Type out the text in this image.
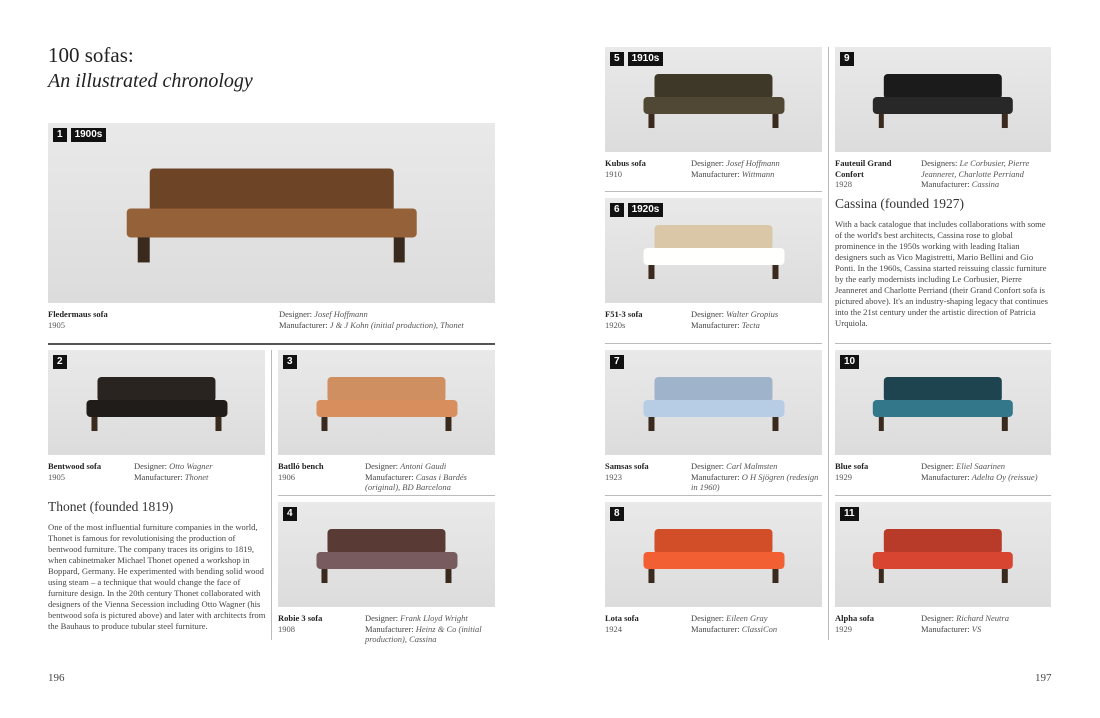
100 sofas:
An illustrated chronology
1	1900s
Fledermaus sofa
1905
Designer: Josef Hoffmann
Manufacturer: J & J Kohn (initial production), Thonet
2
Bentwood sofa
1905
Designer: Otto Wagner
Manufacturer: Thonet
3
Batlló bench
1906
Designer: Antoni Gaudi
Manufacturer: Casas i Bardés (original), BD Barcelona
4
Robie 3 sofa
1908
Designer: Frank Lloyd Wright
Manufacturer: Heinz & Co (initial production), Cassina
5	1910s
Kubus sofa
1910
Designer: Josef Hoffmann
Manufacturer: Wittmann
6	1920s
F51-3 sofa
1920s
Designer: Walter Gropius
Manufacturer: Tecta
7
Samsas sofa
1923
Designer: Carl Malmsten
Manufacturer: O H Sjögren (redesign in 1960)
8
Lota sofa
1924
Designer: Eileen Gray
Manufacturer: ClassiCon
9
Fauteuil Grand Confort
1928
Designers: Le Corbusier, Pierre Jeanneret, Charlotte Perriand
Manufacturer: Cassina
10
Blue sofa
1929
Designer: Eliel Saarinen
Manufacturer: Adelta Oy (reissue)
11
Alpha sofa
1929
Designer: Richard Neutra
Manufacturer: VS
Thonet (founded 1819)

One of the most influential furniture companies in the world, Thonet is famous for revolutionising the production of bentwood furniture. The company traces its origins to 1819, when cabinetmaker Michael Thonet opened a workshop in Boppard, Germany. He experimented with bending solid wood using steam – a technique that would change the face of furniture design. In the 20th century Thonet collaborated with designers of the Vienna Secession including Otto Wagner (his bentwood sofa is pictured above) and later with architects from the Bauhaus to produce tubular steel furniture.

Cassina (founded 1927)

With a back catalogue that includes collaborations with some of the world's best architects, Cassina rose to global prominence in the 1950s working with leading Italian designers such as Vico Magistretti, Mario Bellini and Gio Ponti. In the 1960s, Cassina started reissuing classic furniture by the early modernists including Le Corbusier, Pierre Jeanneret and Charlotte Perriand (their Grand Confort sofa is pictured above). It's an industry-shaping legacy that continues into the 21st century under the artistic direction of Patricia Urquiola.

196	197
